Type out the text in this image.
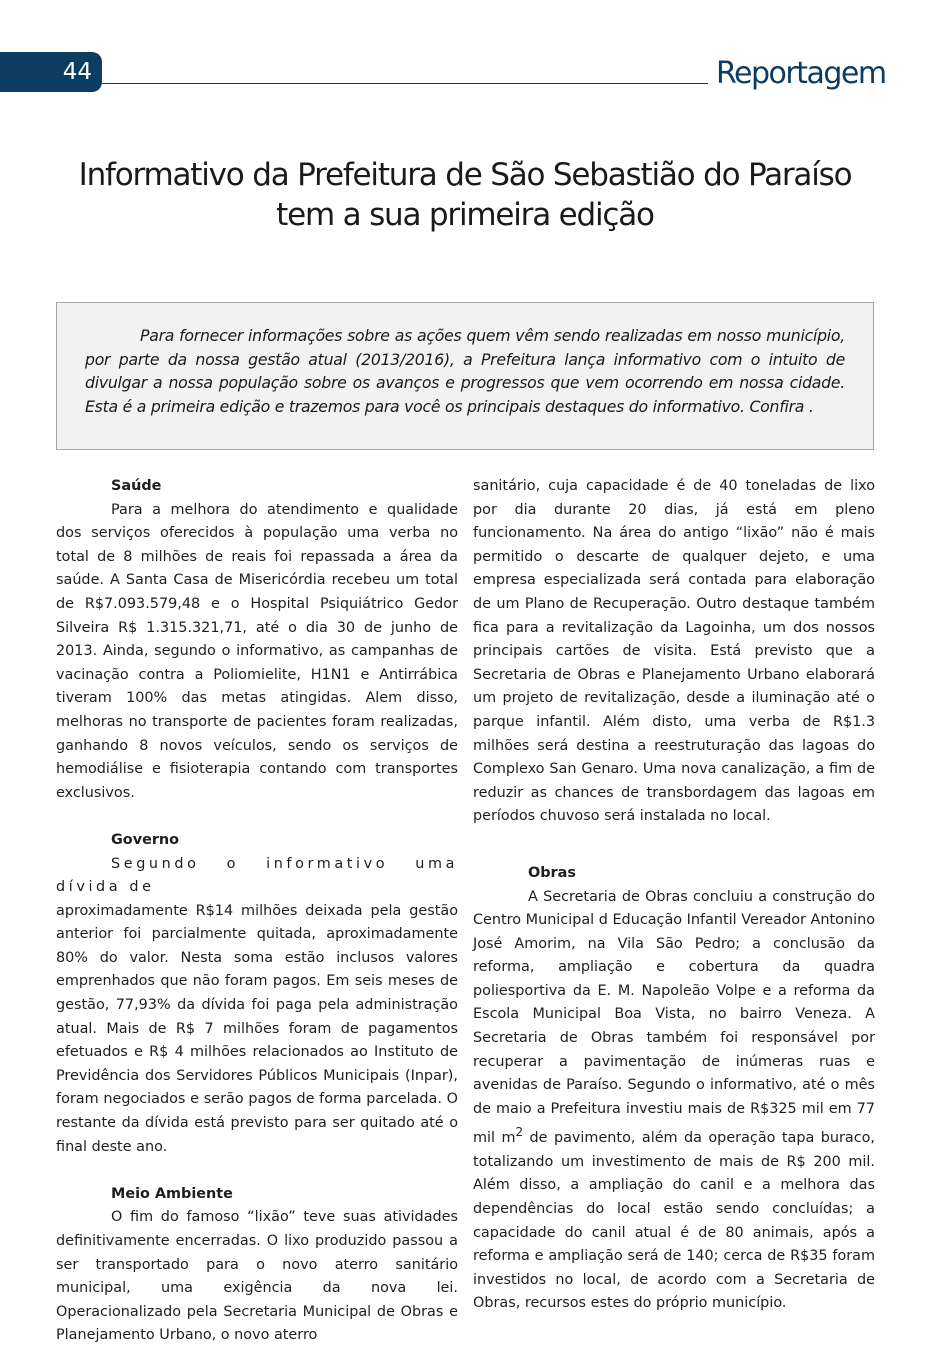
44	Reportagem
Informativo da Prefeitura de São Sebastião do Paraíso
tem a sua primeira edição

Para fornecer informações sobre as ações quem vêm sendo realizadas em nosso município, por parte da nossa gestão atual (2013/2016), a Prefeitura lança informativo com o intuito de divulgar a nossa população sobre os avanços e progressos que vem ocorrendo em nossa cidade. Esta é a primeira edição e trazemos para você os principais destaques do informativo. Confira .

Saúde

Para a melhora do atendimento e qualidade dos serviços oferecidos à população uma verba no total de 8 milhões de reais foi repassada a área da saúde. A Santa Casa de Misericórdia recebeu um total de R$7.093.579,48 e o Hospital Psiquiátrico Gedor Silveira R$ 1.315.321,71, até o dia 30 de junho de 2013. Ainda, segundo o informativo, as campanhas de vacinação contra a Poliomielite, H1N1 e Antirrábica tiveram 100% das metas atingidas. Alem disso, melhoras no transporte de pacientes foram realizadas, ganhando 8 novos veículos, sendo os serviços de hemodiálise e fisioterapia contando com transportes exclusivos.

Governo

Segundo o informativo uma dívida de

aproximadamente R$14 milhões deixada pela gestão anterior foi parcialmente quitada, aproximadamente 80% do valor. Nesta soma estão inclusos valores emprenhados que não foram pagos. Em seis meses de gestão, 77,93% da dívida foi paga pela administração atual. Mais de R$ 7 milhões foram de pagamentos efetuados e R$ 4 milhões relacionados ao Instituto de Previdência dos Servidores Públicos Municipais (Inpar), foram negociados e serão pagos de forma parcelada. O restante da dívida está previsto para ser quitado até o final deste ano.

Meio Ambiente

O fim do famoso “lixão” teve suas atividades definitivamente encerradas. O lixo produzido passou a ser transportado para o novo aterro sanitário municipal, uma exigência da nova lei. Operacionalizado pela Secretaria Municipal de Obras e Planejamento Urbano, o novo aterro

sanitário, cuja capacidade é de 40 toneladas de lixo por dia durante 20 dias, já está em pleno funcionamento. Na área do antigo “lixão” não é mais permitido o descarte de qualquer dejeto, e uma empresa especializada será contada para elaboração de um Plano de Recuperação. Outro destaque também fica para a revitalização da Lagoinha, um dos nossos principais cartões de visita. Está previsto que a Secretaria de Obras e Planejamento Urbano elaborará um projeto de revitalização, desde a iluminação até o parque infantil. Além disto, uma verba de R$1.3 milhões será destina a reestruturação das lagoas do Complexo San Genaro. Uma nova canalização, a fim de reduzir as chances de transbordagem das lagoas em períodos chuvoso será instalada no local.

Obras

A Secretaria de Obras concluiu a construção do Centro Municipal d Educação Infantil Vereador Antonino José Amorim, na Vila São Pedro; a conclusão da reforma, ampliação e cobertura da quadra poliesportiva da E. M. Napoleão Volpe e a reforma da Escola Municipal Boa Vista, no bairro Veneza. A Secretaria de Obras também foi responsável por recuperar a pavimentação de inúmeras ruas e avenidas de Paraíso. Segundo o informativo, até o mês de maio a Prefeitura investiu mais de R$325 mil em 77 mil $m^2$ de pavimento, além da operação tapa buraco, totalizando um investimento de mais de R$ 200 mil. Além disso, a ampliação do canil e a melhora das dependências do local estão sendo concluídas; a capacidade do canil atual é de 80 animais, após a reforma e ampliação será de 140; cerca de R$35 foram investidos no local, de acordo com a Secretaria de Obras, recursos estes do próprio município.
